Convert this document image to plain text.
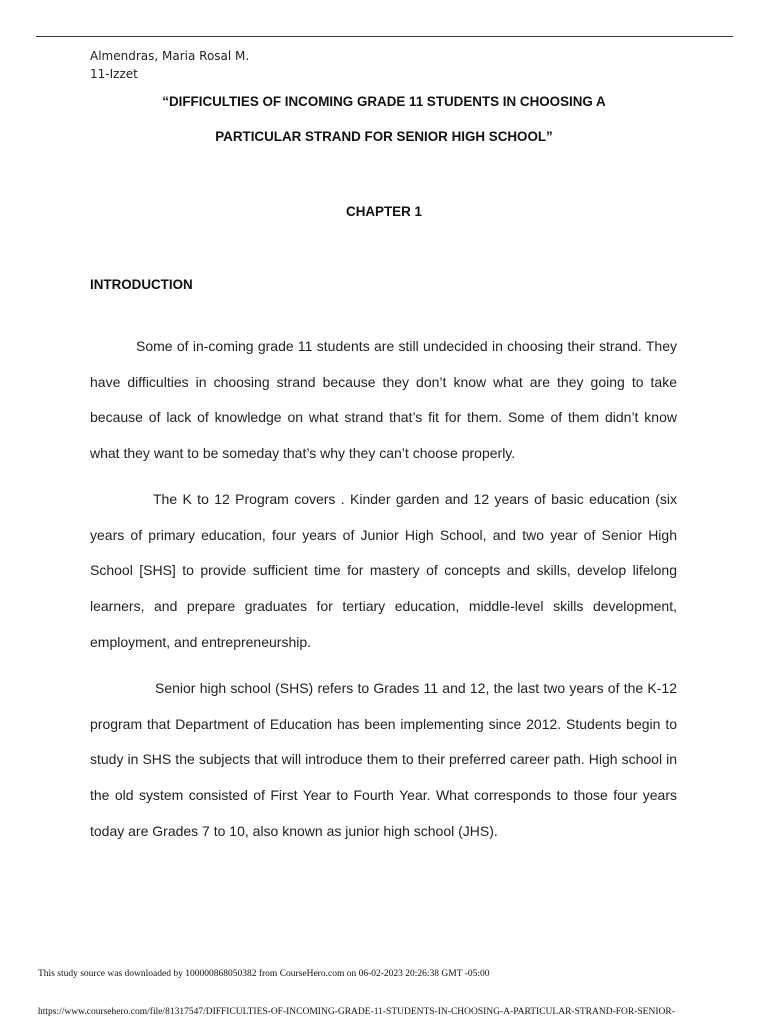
Almendras, Maria Rosal M.
11-Izzet
“DIFFICULTIES OF INCOMING GRADE 11 STUDENTS IN CHOOSING A
PARTICULAR STRAND FOR SENIOR HIGH SCHOOL”
CHAPTER 1
INTRODUCTION

Some of in-coming grade 11 students are still undecided in choosing their strand. They have difficulties in choosing strand because they don’t know what are they going to take because of lack of knowledge on what strand that’s fit for them. Some of them didn’t know what they want to be someday that’s why they can’t choose properly.

The K to 12 Program covers . Kinder garden and 12 years of basic education (six years of primary education, four years of Junior High School, and two year of Senior High School [SHS] to provide sufficient time for mastery of concepts and skills, develop lifelong learners, and prepare graduates for tertiary education, middle-level skills development, employment, and entrepreneurship.

Senior high school (SHS) refers to Grades 11 and 12, the last two years of the K-12 program that Department of Education has been implementing since 2012. Students begin to study in SHS the subjects that will introduce them to their preferred career path. High school in the old system consisted of First Year to Fourth Year. What corresponds to those four years today are Grades 7 to 10, also known as junior high school (JHS).

This study source was downloaded by 100000868050382 from CourseHero.com on 06-02-2023 20:26:38 GMT -05:00
https://www.coursehero.com/file/81317547/DIFFICULTIES-OF-INCOMING-GRADE-11-STUDENTS-IN-CHOOSING-A-PARTICULAR-STRAND-FOR-SENIOR-
